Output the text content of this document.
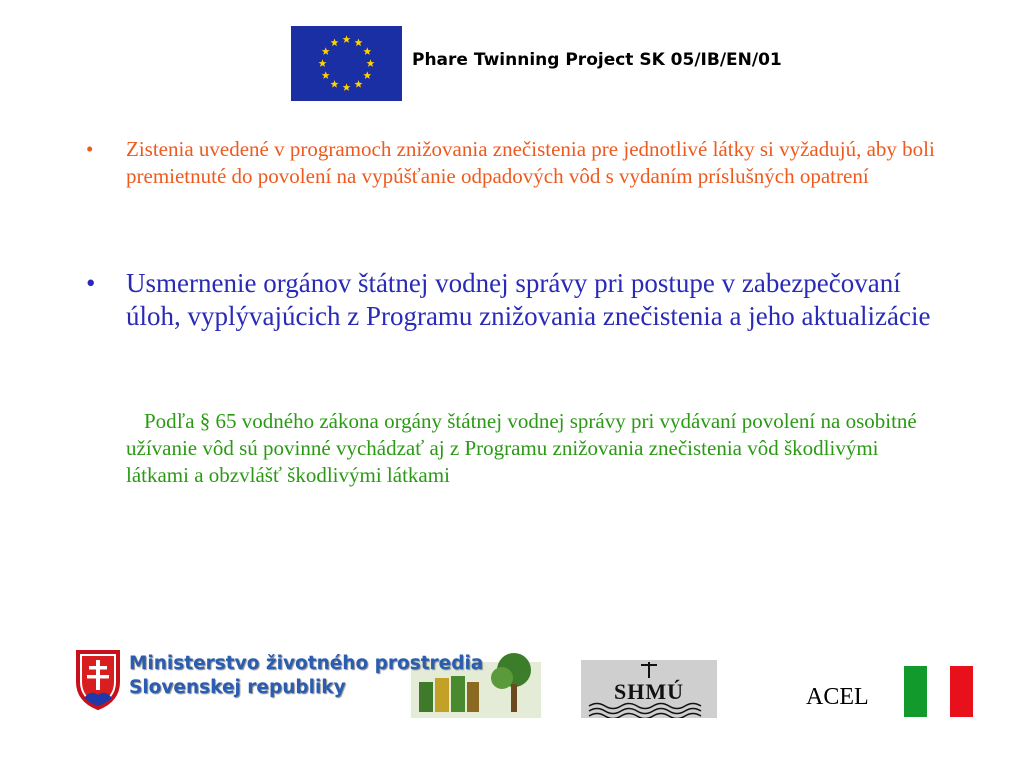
Phare Twinning Project SK 05/IB/EN/01
• Zistenia uvedené v programoch znižovania znečistenia pre jednotlivé látky si vyžadujú, aby boli premietnuté do povolení na vypúšťanie odpadových vôd s vydaním príslušných opatrení
• Usmernenie orgánov štátnej vodnej správy pri postupe v zabezpečovaní úloh, vyplývajúcich z Programu znižovania znečistenia a jeho aktualizácie
Podľa § 65 vodného zákona orgány štátnej vodnej správy pri vydávaní povolení na osobitné užívanie vôd sú povinné vychádzať aj z Programu znižovania znečistenia vôd škodlivými látkami a obzvlášť škodlivými látkami
Ministerstvo životného prostredia
Slovenskej republiky	SHMÚ	ACEL
